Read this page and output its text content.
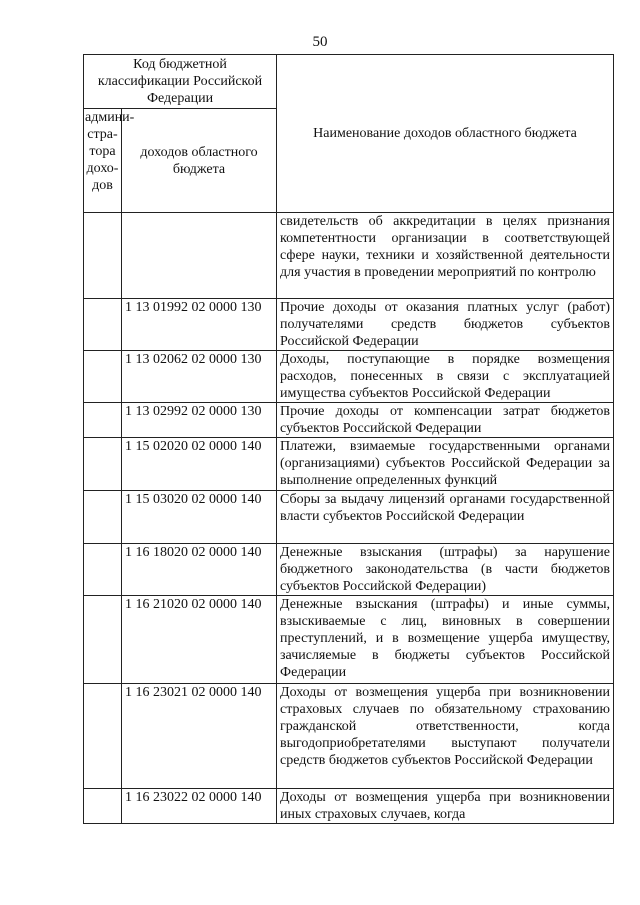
50
Код бюджетной классификации Российской Федерации		Наименование доходов областного бюджета
админи-стра-тора дохо-дов	доходов областного бюджета	
		свидетельств об аккредитации в целях признания компетентности организации в соответствующей сфере науки, техники и хозяйственной деятельности для участия в проведении мероприятий по контролю
	1 13 01992 02 0000 130	Прочие доходы от оказания платных услуг (работ) получателями средств бюджетов субъектов Российской Федерации
	1 13 02062 02 0000 130	Доходы, поступающие в порядке возмещения расходов, понесенных в связи с эксплуатацией имущества субъектов Российской Федерации
	1 13 02992 02 0000 130	Прочие доходы от компенсации затрат бюджетов субъектов Российской Федерации
	1 15 02020 02 0000 140	Платежи, взимаемые государственными органами (организациями) субъектов Российской Федерации за выполнение определенных функций
	1 15 03020 02 0000 140	Сборы за выдачу лицензий органами государственной власти субъектов Российской Федерации
	1 16 18020 02 0000 140	Денежные взыскания (штрафы) за нарушение бюджетного законодательства (в части бюджетов субъектов Российской Федерации)
	1 16 21020 02 0000 140	Денежные взыскания (штрафы) и иные суммы, взыскиваемые с лиц, виновных в совершении преступлений, и в возмещение ущерба имуществу, зачисляемые в бюджеты субъектов Российской Федерации
	1 16 23021 02 0000 140	Доходы от возмещения ущерба при возникновении страховых случаев по обязательному страхованию гражданской ответственности, когда выгодоприобретателями выступают получатели средств бюджетов субъектов Российской Федерации
	1 16 23022 02 0000 140	Доходы от возмещения ущерба при возникновении иных страховых случаев, когда
